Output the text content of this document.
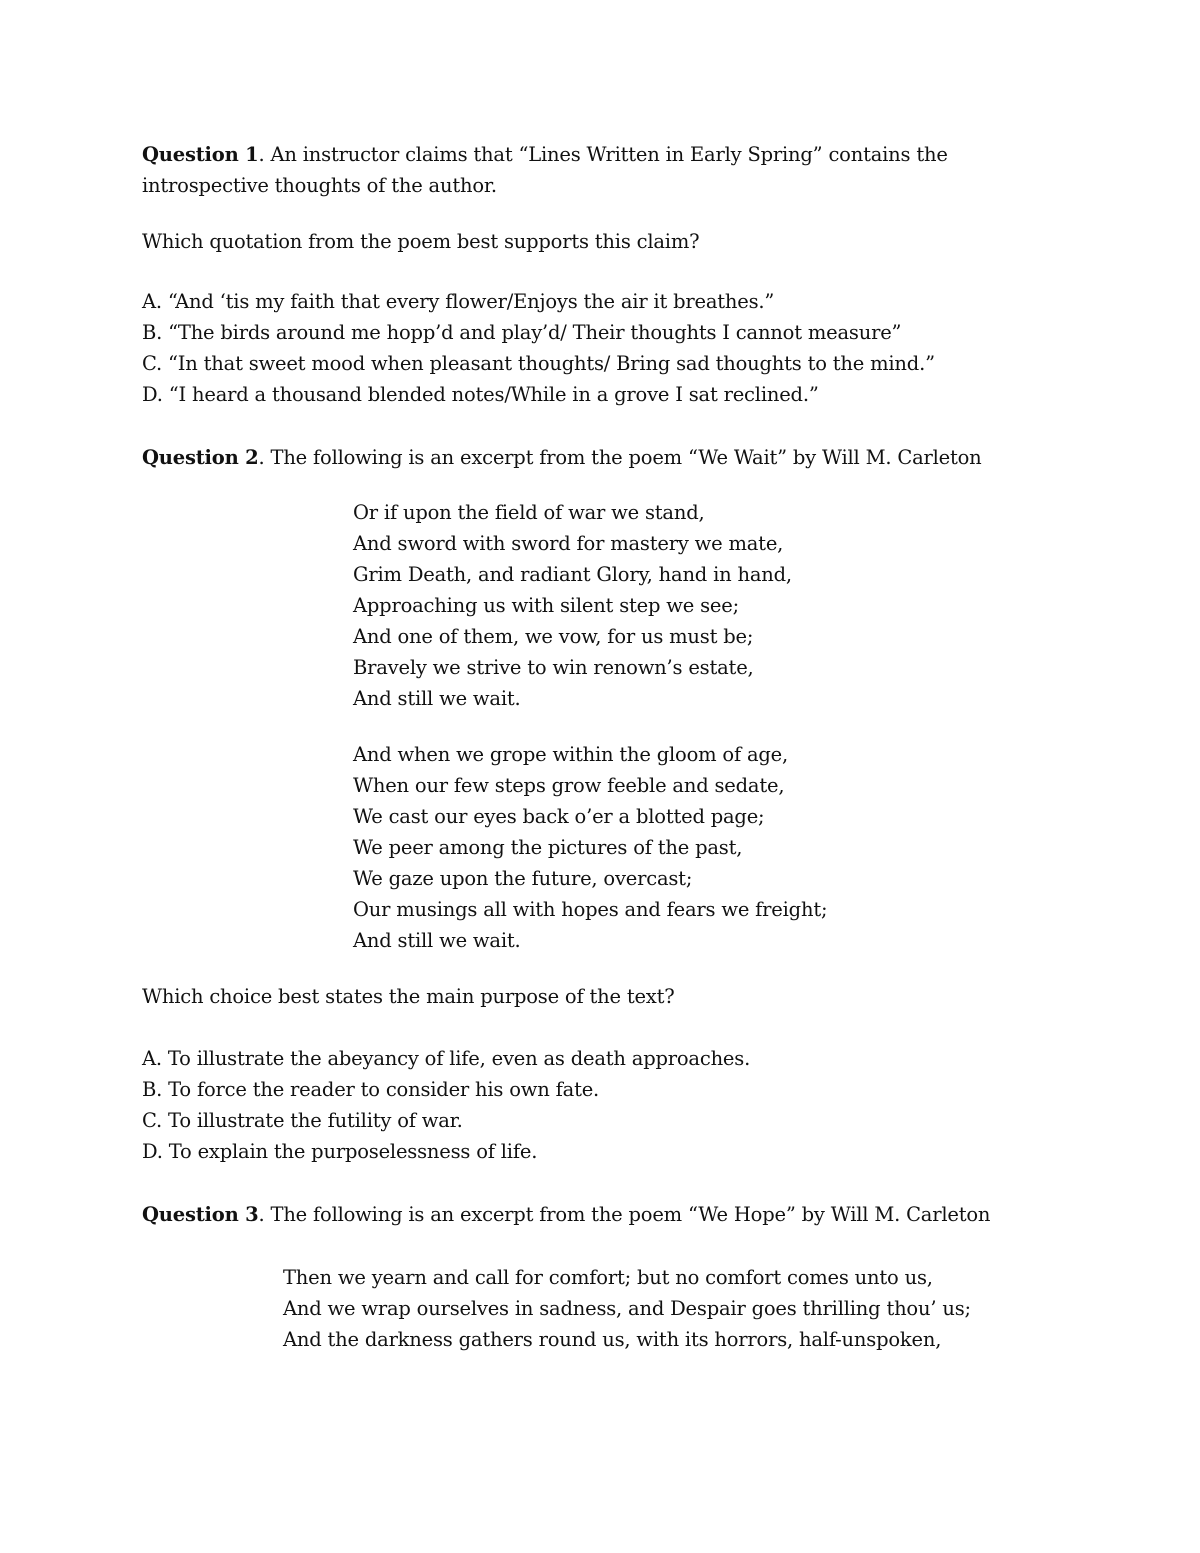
Question 1. An instructor claims that “Lines Written in Early Spring” contains the
introspective thoughts of the author.
Which quotation from the poem best supports this claim?
A. “And ‘tis my faith that every flower/Enjoys the air it breathes.”
B. “The birds around me hopp’d and play’d/ Their thoughts I cannot measure”
C. “In that sweet mood when pleasant thoughts/ Bring sad thoughts to the mind.”
D. “I heard a thousand blended notes/While in a grove I sat reclined.”
Question 2. The following is an excerpt from the poem “We Wait” by Will M. Carleton
Or if upon the field of war we stand,
And sword with sword for mastery we mate,
Grim Death, and radiant Glory, hand in hand,
Approaching us with silent step we see;
And one of them, we vow, for us must be;
Bravely we strive to win renown’s estate,
And still we wait.
And when we grope within the gloom of age,
When our few steps grow feeble and sedate,
We cast our eyes back o’er a blotted page;
We peer among the pictures of the past,
We gaze upon the future, overcast;
Our musings all with hopes and fears we freight;
And still we wait.
Which choice best states the main purpose of the text?
A. To illustrate the abeyancy of life, even as death approaches.
B. To force the reader to consider his own fate.
C. To illustrate the futility of war.
D. To explain the purposelessness of life.
Question 3. The following is an excerpt from the poem “We Hope” by Will M. Carleton
Then we yearn and call for comfort; but no comfort comes unto us,
And we wrap ourselves in sadness, and Despair goes thrilling thou’ us;
And the darkness gathers round us, with its horrors, half-unspoken,
